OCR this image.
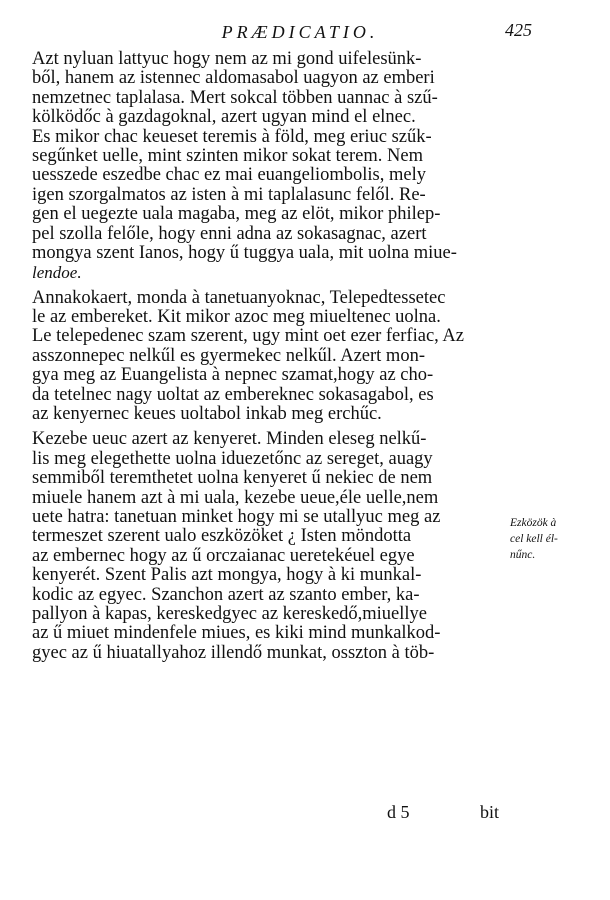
PRÆDICATIO.	425
Azt nyluan lattyuc hogy nem az mi gond uifelesünk-
ből, hanem az istennec aldomasabol uagyon az emberi
nemzetnec taplalasa. Mert sokcal többen uannac à szű-
kölködőc à gazdagoknal, azert ugyan mind el elnec.
Es mikor chac keueset teremis à föld, meg eriuc szűk-
segűnket uelle, mint szinten mikor sokat terem. Nem
uesszede eszedbe chac ez mai euangeliombolis, mely
igen szorgalmatos az isten à mi taplalasunc felől. Re-
gen el uegezte uala magaba, meg az elöt, mikor philep-
pel szolla felőle, hogy enni adna az sokasagnac, azert
mongya szent Ianos, hogy ű tuggya uala, mit uolna miue-
lendoe.
Annakokaert, monda à tanetuanyoknac, Telepedtessetec
le az embereket. Kit mikor azoc meg miueltenec uolna.
Le telepedenec szam szerent, ugy mint oet ezer ferfiac, Az
asszonnepec nelkűl es gyermekec nelkűl. Azert mon-
gya meg az Euangelista à nepnec szamat,hogy az cho-
da tetelnec nagy uoltat az embereknec sokasagabol, es
az kenyernec keues uoltabol inkab meg erchűc.
Kezebe ueuc azert az kenyeret. Minden eleseg nelkű-
lis meg elegethette uolna iduezetőnc az sereget, auagy
semmiből teremthetet uolna kenyeret ű nekiec de nem
miuele hanem azt à mi uala, kezebe ueue,éle uelle,nem
uete hatra: tanetuan minket hogy mi se utallyuc meg az
termeszet szerent ualo eszközöket ¿ Isten möndotta
az embernec hogy az ű orczaianac ueretekéuel egye
kenyerét. Szent Palis azt mongya, hogy à ki munkal-
kodic az egyec. Szanchon azert az szanto ember, ka-
pallyon à kapas, kereskedgyec az kereskedő,miuellye
az ű miuet mindenfele miues, es kiki mind munkalkod-
gyec az ű hiuatallyahoz illendő munkat, osszton à töb-
Ezközök à
cel kell él-
nűnc.
d 5	bit
